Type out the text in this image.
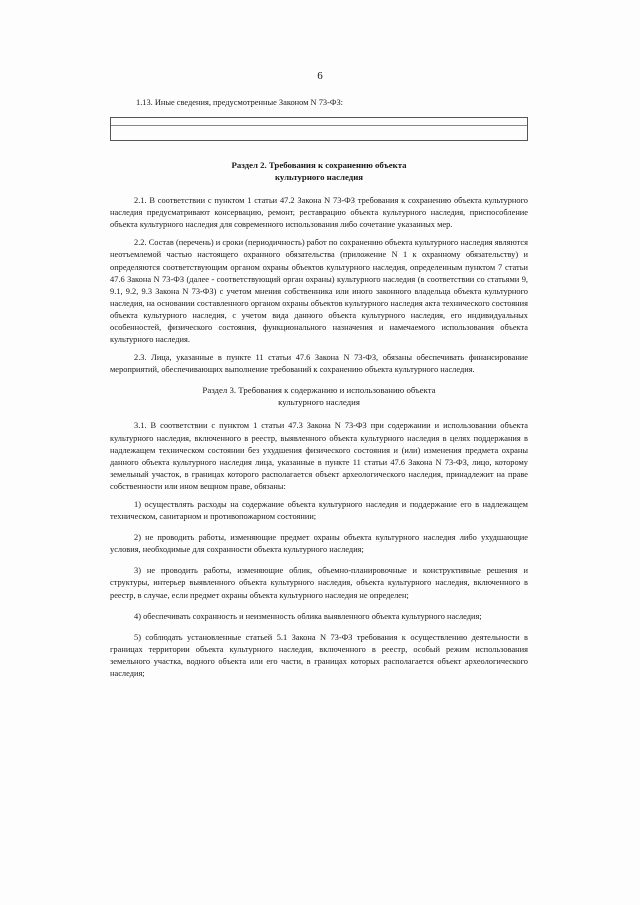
6

1.13. Иные сведения, предусмотренные Законом N 73-ФЗ:

Раздел 2. Требования к сохранению объекта
культурного наследия

2.1. В соответствии с пунктом 1 статьи 47.2 Закона N 73-ФЗ требования к сохранению объекта культурного наследия предусматривают консервацию, ремонт, реставрацию объекта культурного наследия, приспособление объекта культурного наследия для современного использования либо сочетание указанных мер.

2.2. Состав (перечень) и сроки (периодичность) работ по сохранению объекта культурного наследия являются неотъемлемой частью настоящего охранного обязательства (приложение N 1 к охранному обязательству) и определяются соответствующим органом охраны объектов культурного наследия, определенным пунктом 7 статьи 47.6 Закона N 73-ФЗ (далее - соответствующий орган охраны) культурного наследия (в соответствии со статьями 9, 9.1, 9.2, 9.3 Закона N 73-ФЗ) с учетом мнения собственника или иного законного владельца объекта культурного наследия, на основании составленного органом охраны объектов культурного наследия акта технического состояния объекта культурного наследия, с учетом вида данного объекта культурного наследия, его индивидуальных особенностей, физического состояния, функционального назначения и намечаемого использования объекта культурного наследия.

2.3. Лица, указанные в пункте 11 статьи 47.6 Закона N 73-ФЗ, обязаны обеспечивать финансирование мероприятий, обеспечивающих выполнение требований к сохранению объекта культурного наследия.

Раздел 3. Требования к содержанию и использованию объекта
культурного наследия

3.1. В соответствии с пунктом 1 статьи 47.3 Закона N 73-ФЗ при содержании и использовании объекта культурного наследия, включенного в реестр, выявленного объекта культурного наследия в целях поддержания в надлежащем техническом состоянии без ухудшения физического состояния и (или) изменения предмета охраны данного объекта культурного наследия лица, указанные в пункте 11 статьи 47.6 Закона N 73-ФЗ, лицо, которому земельный участок, в границах которого располагается объект археологического наследия, принадлежит на праве собственности или ином вещном праве, обязаны:

1) осуществлять расходы на содержание объекта культурного наследия и поддержание его в надлежащем техническом, санитарном и противопожарном состоянии;

2) не проводить работы, изменяющие предмет охраны объекта культурного наследия либо ухудшающие условия, необходимые для сохранности объекта культурного наследия;

3) не проводить работы, изменяющие облик, объемно-планировочные и конструктивные решения и структуры, интерьер выявленного объекта культурного наследия, объекта культурного наследия, включенного в реестр, в случае, если предмет охраны объекта культурного наследия не определен;

4) обеспечивать сохранность и неизменность облика выявленного объекта культурного наследия;

5) соблюдать установленные статьей 5.1 Закона N 73-ФЗ требования к осуществлению деятельности в границах территории объекта культурного наследия, включенного в реестр, особый режим использования земельного участка, водного объекта или его части, в границах которых располагается объект археологического наследия;
